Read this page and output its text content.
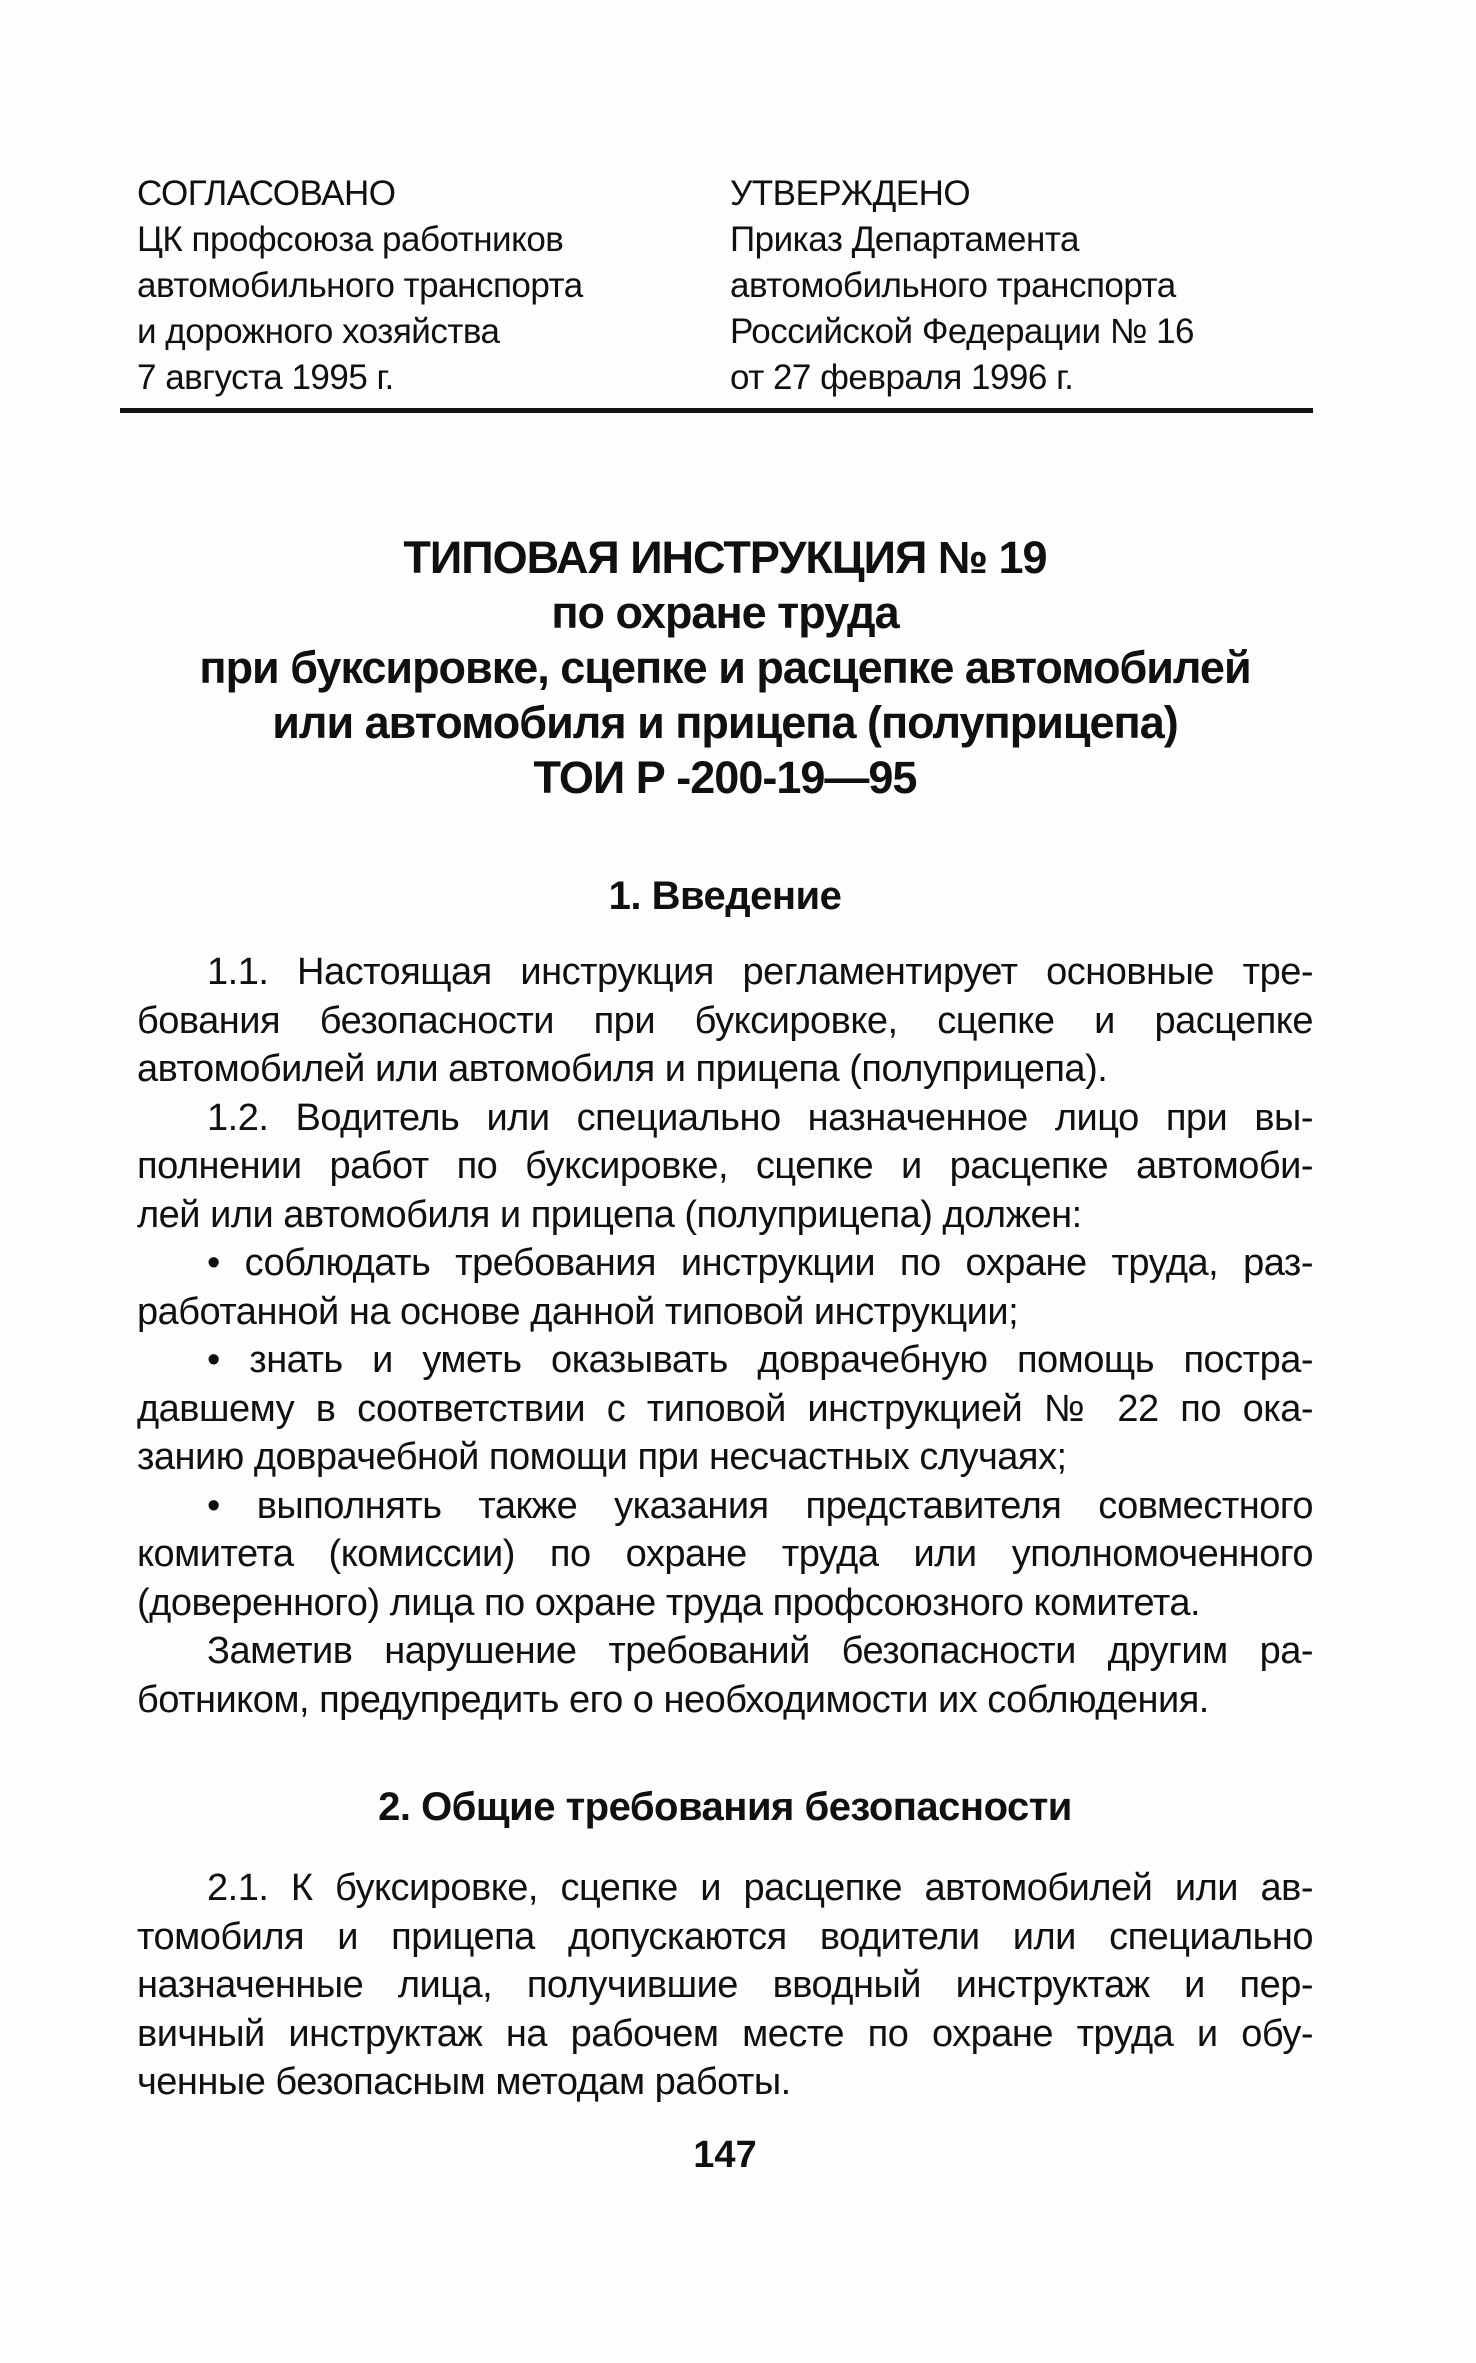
СОГЛАСОВАНО
ЦК профсоюза работников
автомобильного транспорта
и дорожного хозяйства
7 августа 1995 г.
УТВЕРЖДЕНО
Приказ Департамента
автомобильного транспорта
Российской Федерации № 16
от 27 февраля 1996 г.
ТИПОВАЯ ИНСТРУКЦИЯ № 19
по охране труда
при буксировке, сцепке и расцепке автомобилей
или автомобиля и прицепа (полуприцепа)
ТОИ Р -200-19—95
1. Введение
1.1. Настоящая инструкция регламентирует основные тре-
бования безопасности при буксировке, сцепке и расцепке
автомобилей или автомобиля и прицепа (полуприцепа).
1.2. Водитель или специально назначенное лицо при вы-
полнении работ по буксировке, сцепке и расцепке автомоби-
лей или автомобиля и прицепа (полуприцепа) должен:
• соблюдать требования инструкции по охране труда, раз-
работанной на основе данной типовой инструкции;
• знать и уметь оказывать доврачебную помощь постра-
давшему в соответствии с типовой инструкцией № 22 по ока-
занию доврачебной помощи при несчастных случаях;
• выполнять также указания представителя совместного
комитета (комиссии) по охране труда или уполномоченного
(доверенного) лица по охране труда профсоюзного комитета.
Заметив нарушение требований безопасности другим ра-
ботником, предупредить его о необходимости их соблюдения.
2. Общие требования безопасности
2.1. К буксировке, сцепке и расцепке автомобилей или ав-
томобиля и прицепа допускаются водители или специально
назначенные лица, получившие вводный инструктаж и пер-
вичный инструктаж на рабочем месте по охране труда и обу-
ченные безопасным методам работы.
147
